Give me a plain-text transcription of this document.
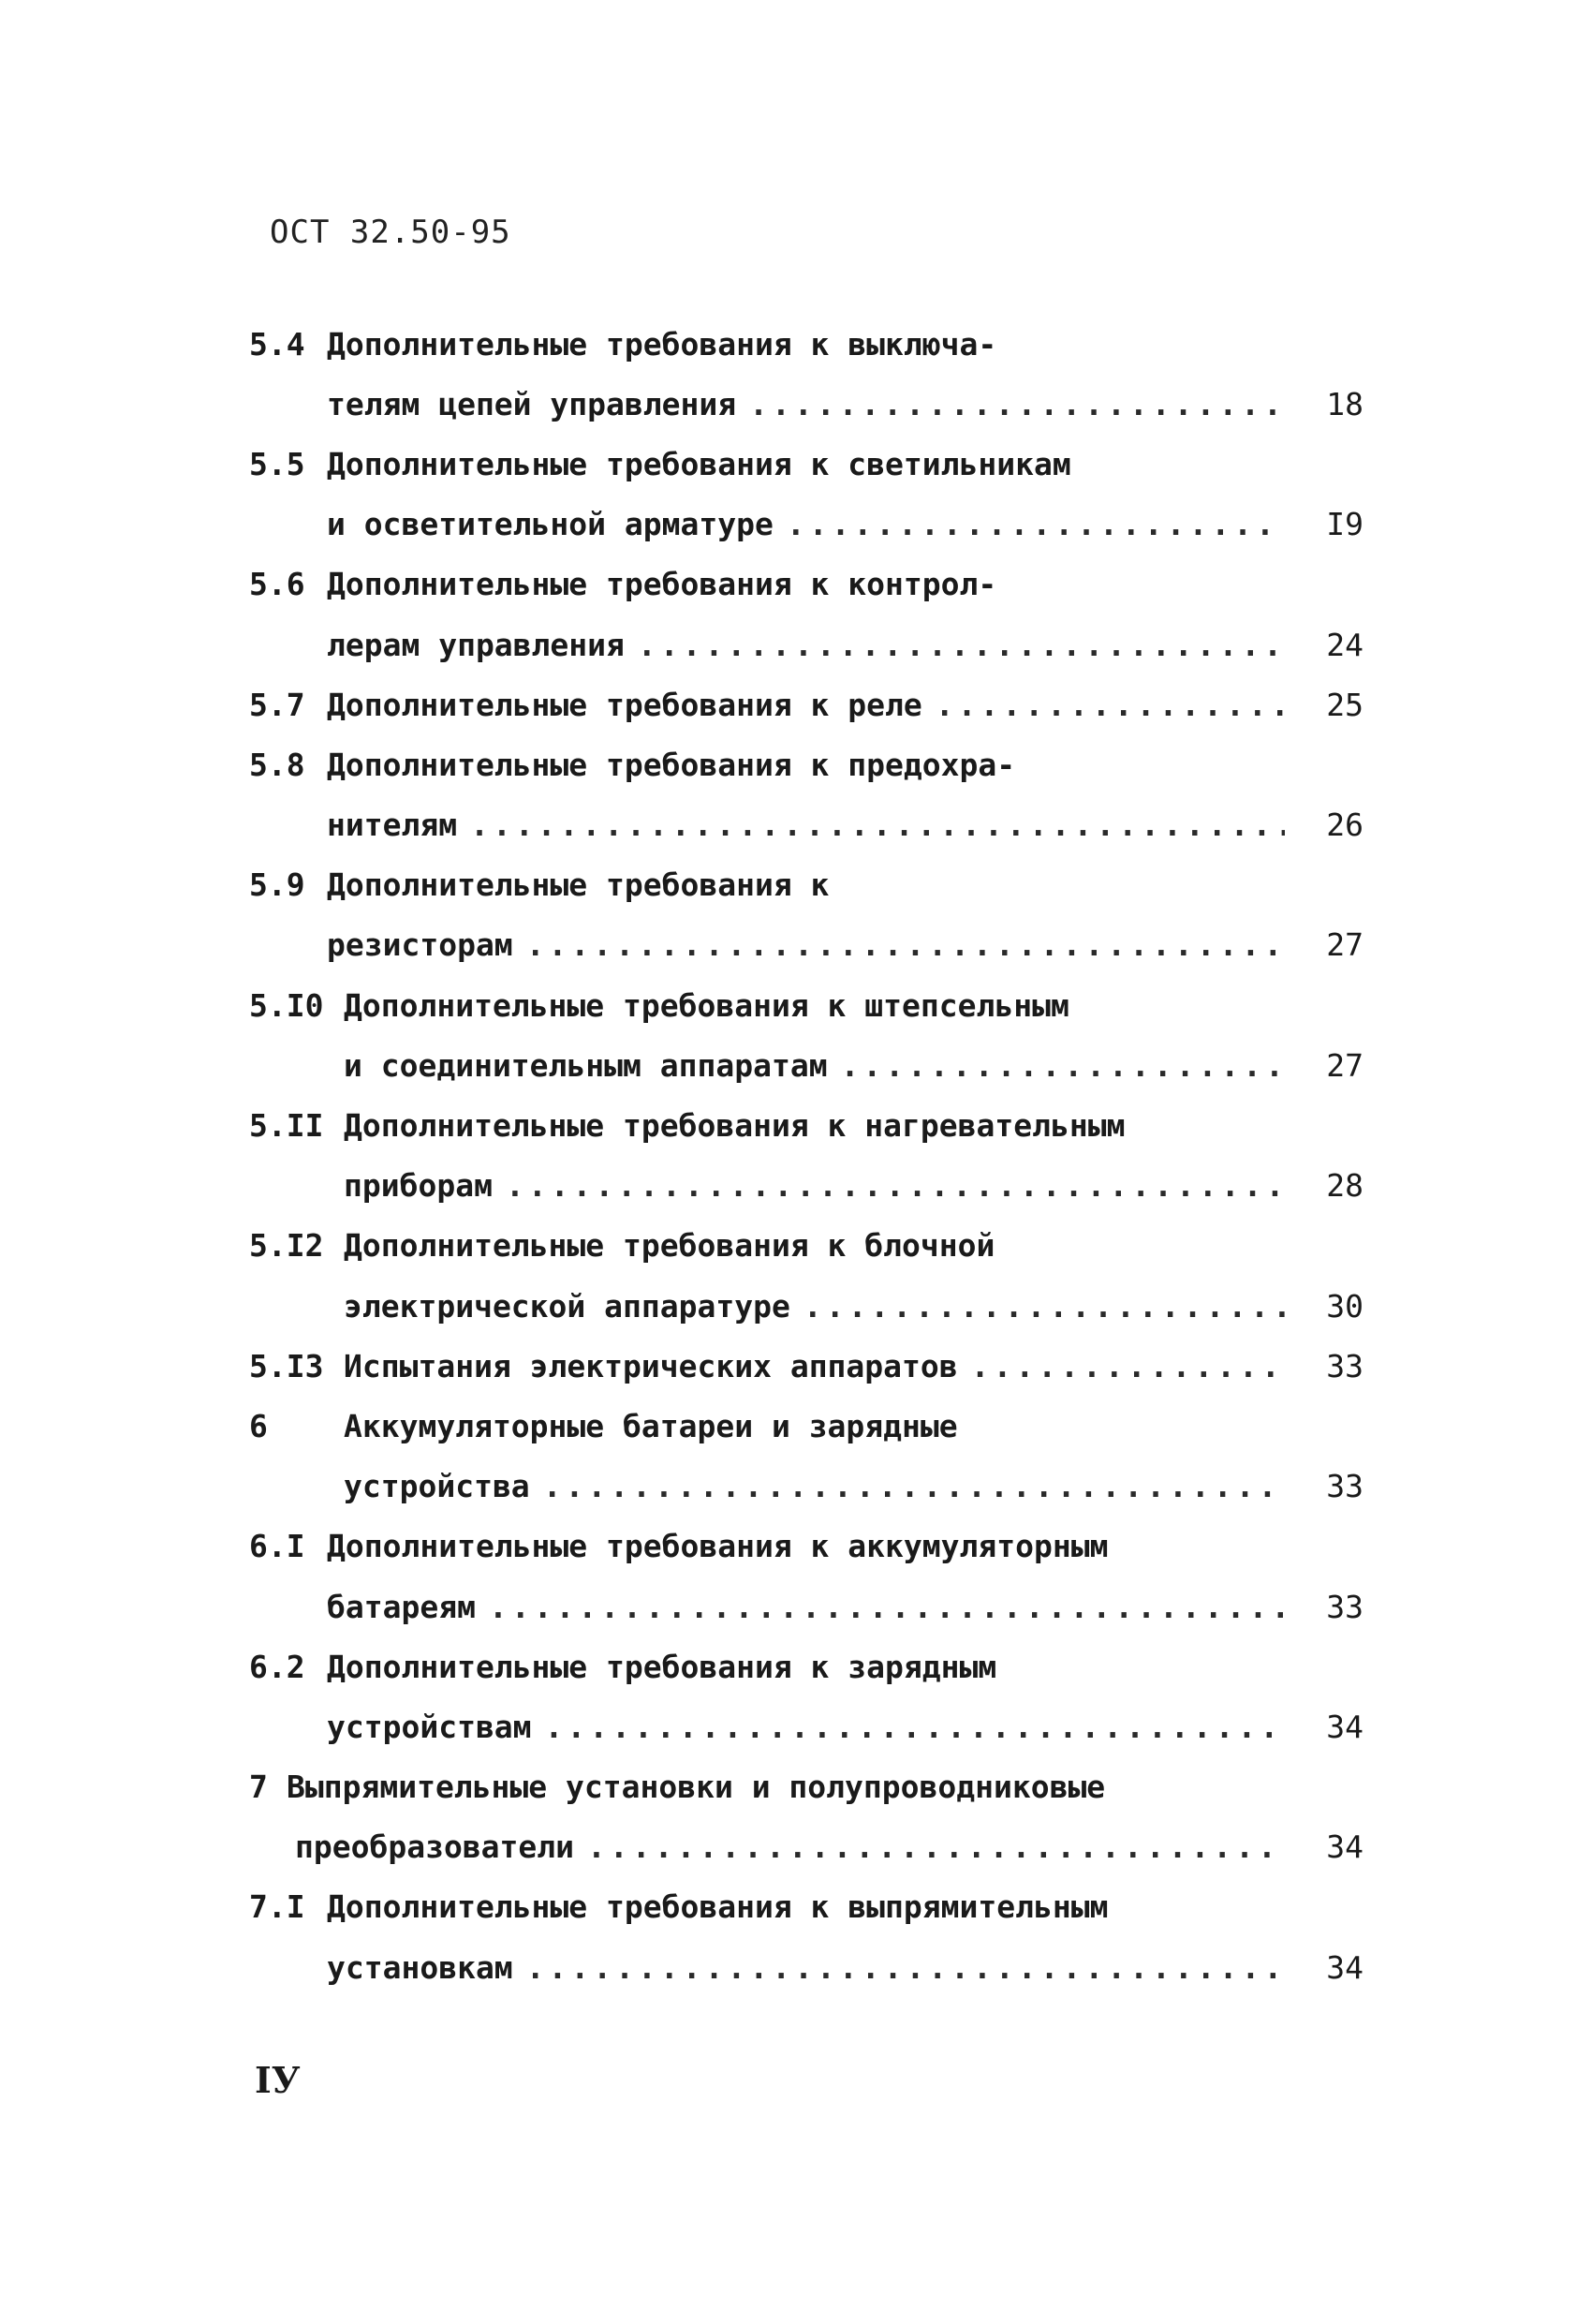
ОСТ 32.50-95
5.4 Дополнительные требования к выключа-
телям цепей управления .....	18
5.5 Дополнительные требования к светильникам
и осветительной арматуре .....	I9
5.6 Дополнительные требования к контрол-
лерам управления .....	24
5.7 Дополнительные требования к реле .....	25
5.8 Дополнительные требования к предохра-
нителям .....	26
5.9 Дополнительные требования к
резисторам .....	27
5.I0 Дополнительные требования к штепсельным
и соединительным аппаратам .....	27
5.II Дополнительные требования к нагревательным
приборам .....	28
5.I2 Дополнительные требования к блочной
электрической аппаратуре .....	30
5.I3 Испытания электрических аппаратов .....	33
6	Аккумуляторные батареи и зарядные
устройства .....	33
6.I Дополнительные требования к аккумуляторным
батареям .....	33
6.2 Дополнительные требования к зарядным
устройствам .....	34
7 Выпрямительные установки и полупроводниковые
преобразователи .....	34
7.I Дополнительные требования к выпрямительным
установкам .....	34
IУ
